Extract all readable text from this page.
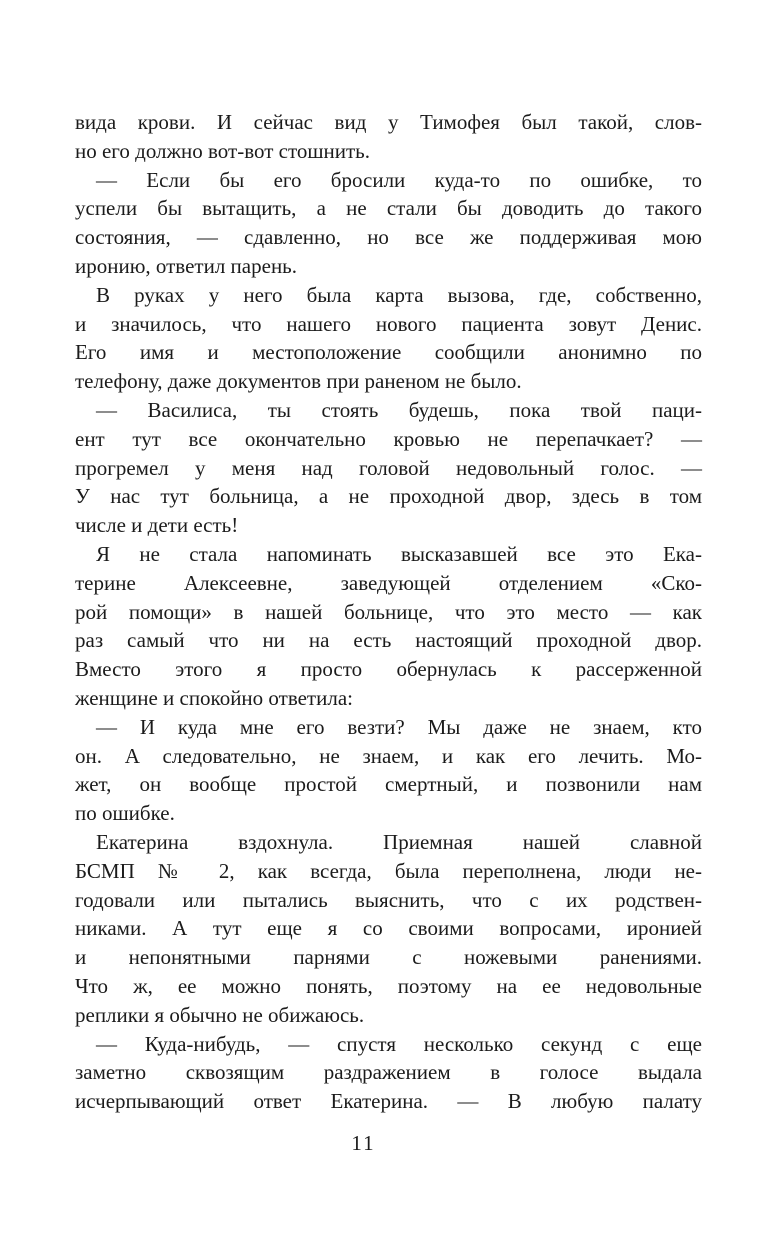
вида крови. И сейчас вид у Тимофея был такой, слов-
но его должно вот-вот стошнить.
— Если бы его бросили куда-то по ошибке, то
успели бы вытащить, а не стали бы доводить до такого
состояния, — сдавленно, но все же поддерживая мою
иронию, ответил парень.
В руках у него была карта вызова, где, собственно,
и значилось, что нашего нового пациента зовут Денис.
Его имя и местоположение сообщили анонимно по
телефону, даже документов при раненом не было.
— Василиса, ты стоять будешь, пока твой паци-
ент тут все окончательно кровью не перепачкает? —
прогремел у меня над головой недовольный голос. —
У нас тут больница, а не проходной двор, здесь в том
числе и дети есть!
Я не стала напоминать высказавшей все это Ека-
терине Алексеевне, заведующей отделением «Ско-
рой помощи» в нашей больнице, что это место — как
раз самый что ни на есть настоящий проходной двор.
Вместо этого я просто обернулась к рассерженной
женщине и спокойно ответила:
— И куда мне его везти? Мы даже не знаем, кто
он. А следовательно, не знаем, и как его лечить. Мо-
жет, он вообще простой смертный, и позвонили нам
по ошибке.
Екатерина вздохнула. Приемная нашей славной
БСМП № 2, как всегда, была переполнена, люди не-
годовали или пытались выяснить, что с их родствен-
никами. А тут еще я со своими вопросами, иронией
и непонятными парнями с ножевыми ранениями.
Что ж, ее можно понять, поэтому на ее недовольные
реплики я обычно не обижаюсь.
— Куда-нибудь, — спустя несколько секунд с еще
заметно сквозящим раздражением в голосе выдала
исчерпывающий ответ Екатерина. — В любую палату
11
